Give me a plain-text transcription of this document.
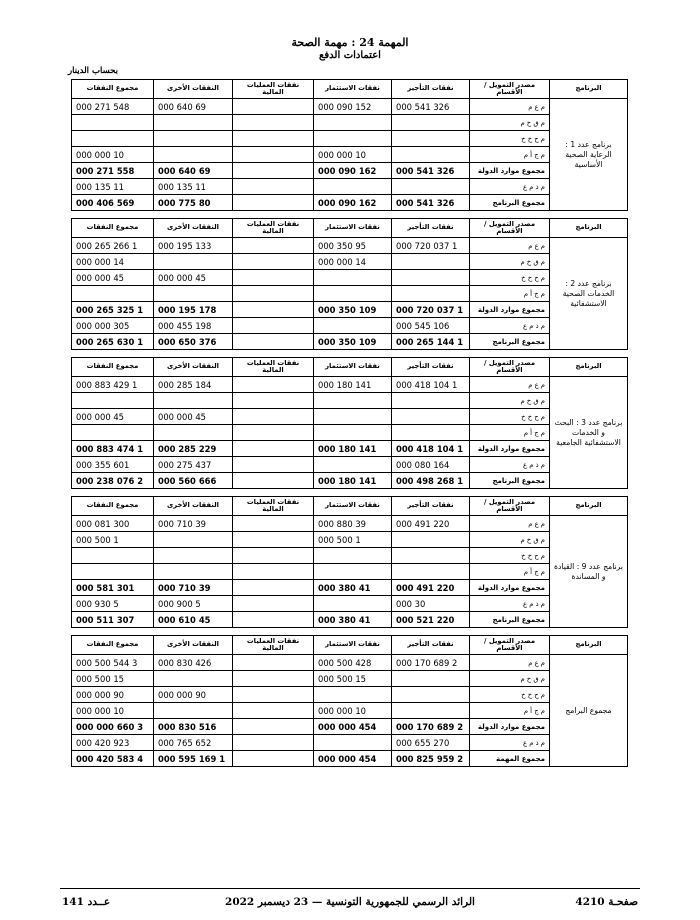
المهمة 24 : مهمة الصحة
اعتمادات الدفع
بحساب الدينار
البرنامج	مصدر التمويل / الأقسام	نفقات التأجير	نفقات الاستثمار	نفقات العمليات المالية	النفقات الأخرى	مجموع النفقات
برنامج عدد 1 : الرعاية الصحية الأساسية	م ع م	326 541 000	152 090 000		69 640 000	548 271 000
	م ق خ م					
	م ح خ خ					
	م ج أ م		10 000 000			10 000 000
	مجموع موارد الدولة	326 541 000	162 090 000		69 640 000	558 271 000
	م ذ م ع				11 135 000	11 135 000
	مجموع البرنامج	326 541 000	162 090 000		80 775 000	569 406 000
البرنامج	مصدر التمويل / الأقسام	نفقات التأجير	نفقات الاستثمار	نفقات العمليات المالية	النفقات الأخرى	مجموع النفقات
برنامج عدد 2 : الخدمات الصحية الاستشفائية	م ع م	1 037 720 000	95 350 000		133 195 000	1 266 265 000
	م ق خ م		14 000 000			14 000 000
	م ح خ خ				45 000 000	45 000 000
	م ج أ م					
	مجموع موارد الدولة	1 037 720 000	109 350 000		178 195 000	1 325 265 000
	م ذ م ع	106 545 000			198 455 000	305 000 000
	مجموع البرنامج	1 144 265 000	109 350 000		376 650 000	1 630 265 000
البرنامج	مصدر التمويل / الأقسام	نفقات التأجير	نفقات الاستثمار	نفقات العمليات المالية	النفقات الأخرى	مجموع النفقات
برنامج عدد 3 : البحث و الخدمات الاستشفائية الجامعية	م ع م	1 104 418 000	141 180 000		184 285 000	1 429 883 000
	م ق خ م					
	م ح خ خ				45 000 000	45 000 000
	م ج أ م					
	مجموع موارد الدولة	1 104 418 000	141 180 000		229 285 000	1 474 883 000
	م ذ م ع	164 080 000			437 275 000	601 355 000
	مجموع البرنامج	1 268 498 000	141 180 000		666 560 000	2 076 238 000
البرنامج	مصدر التمويل / الأقسام	نفقات التأجير	نفقات الاستثمار	نفقات العمليات المالية	النفقات الأخرى	مجموع النفقات
برنامج عدد 9 : القيادة و المساندة	م ع م	220 491 000	39 880 000		39 710 000	300 081 000
	م ق خ م		1 500 000			1 500 000
	م ح خ خ					
	م ج أ م					
	مجموع موارد الدولة	220 491 000	41 380 000		39 710 000	301 581 000
	م ذ م ع	30 000			5 900 000	5 930 000
	مجموع البرنامج	220 521 000	41 380 000		45 610 000	307 511 000
البرنامج	مصدر التمويل / الأقسام	نفقات التأجير	نفقات الاستثمار	نفقات العمليات المالية	النفقات الأخرى	مجموع النفقات
مجموع البرامج	م ع م	2 689 170 000	428 500 000		426 830 000	3 544 500 000
	م ق خ م		15 500 000			15 500 000
	م ح خ خ				90 000 000	90 000 000
	م ج أ م		10 000 000			10 000 000
	مجموع موارد الدولة	2 689 170 000	454 000 000		516 830 000	3 660 000 000
	م ذ م ع	270 655 000			652 765 000	923 420 000
	مجموع المهمة	2 959 825 000	454 000 000		1 169 595 000	4 583 420 000
صفحـة 4210
الرائد الرسمي للجمهورية التونسية — 23 ديسمبر 2022
عــدد 141
